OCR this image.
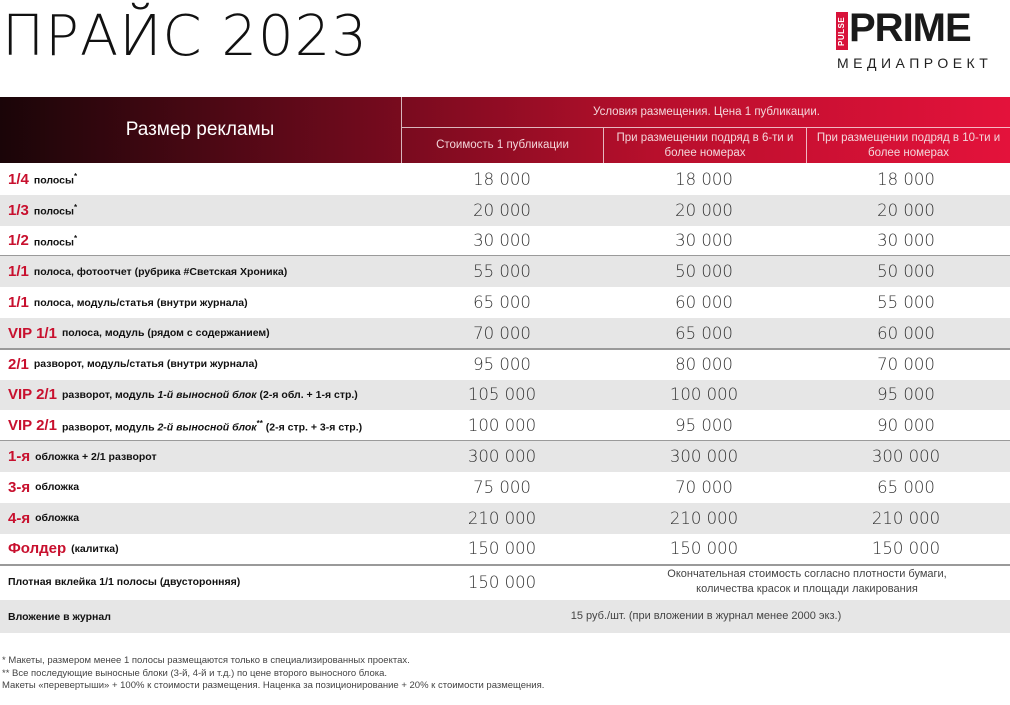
ПРАЙС 2023	PULSE PRIME
МЕДИАПРОЕКТ
Размер рекламы
Условия размещения. Цена 1 публикации.
Стоимость 1 публикации
При размещении подряд в 6-ти и более номерах
При размещении подряд в 10-ти и более номерах
1/4 полосы*	18 000	18 000	18 000
1/3 полосы*	20 000	20 000	20 000
1/2 полосы*	30 000	30 000	30 000
1/1 полоса, фотоотчет (рубрика #Светская Хроника)	55 000	50 000	50 000
1/1 полоса, модуль/статья (внутри журнала)	65 000	60 000	55 000
VIP 1/1 полоса, модуль (рядом с содержанием)	70 000	65 000	60 000
2/1 разворот, модуль/статья (внутри журнала)	95 000	80 000	70 000
VIP 2/1 разворот, модуль 1-й выносной блок (2-я обл. + 1-я стр.)	105 000	100 000	95 000
VIP 2/1 разворот, модуль 2-й выносной блок** (2-я стр. + 3-я стр.)	100 000	95 000	90 000
1-я обложка + 2/1 разворот	300 000	300 000	300 000
3-я обложка	75 000	70 000	65 000
4-я обложка	210 000	210 000	210 000
Фолдер (калитка)	150 000	150 000	150 000
Плотная вклейка 1/1 полосы (двусторонняя)	150 000	Окончательная стоимость согласно плотности бумаги,
количества красок и площади лакирования
Вложение в журнал	15 руб./шт. (при вложении в журнал менее 2000 экз.)
* Макеты, размером менее 1 полосы размещаются только в специализированных проектах.
** Все последующие выносные блоки (3-й, 4-й и т.д.) по цене второго выносного блока.
Макеты «перевертыши» + 100% к стоимости размещения. Наценка за позиционирование + 20% к стоимости размещения.
